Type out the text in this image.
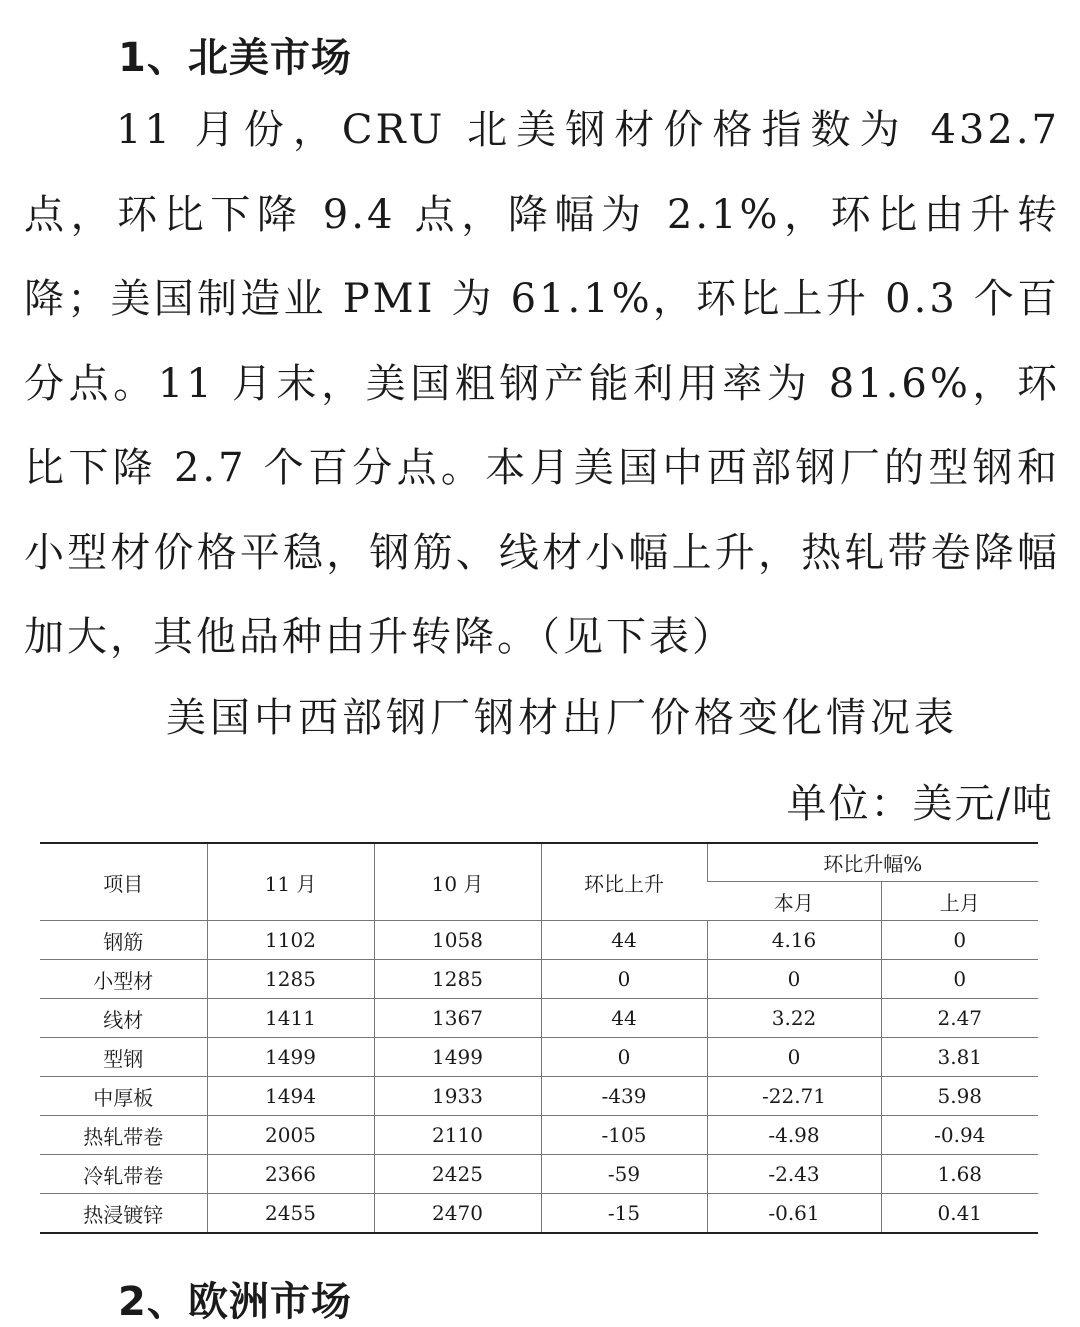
1、北美市场

11 月份，CRU 北美钢材价格指数为 432.7 点，环比下降 9.4 点，降幅为 2.1%，环比由升转降；美国制造业 PMI 为 61.1%，环比上升 0.3 个百分点。11 月末，美国粗钢产能利用率为 81.6%，环比下降 2.7 个百分点。本月美国中西部钢厂的型钢和小型材价格平稳，钢筋、线材小幅上升，热轧带卷降幅加大，其他品种由升转降。（见下表）

美国中西部钢厂钢材出厂价格变化情况表
单位：美元/吨
项目	11 月	10 月	环比上升	环比升幅%	
				本月	上月
钢筋	1102	1058	44	4.16	0
小型材	1285	1285	0	0	0
线材	1411	1367	44	3.22	2.47
型钢	1499	1499	0	0	3.81
中厚板	1494	1933	-439	-22.71	5.98
热轧带卷	2005	2110	-105	-4.98	-0.94
冷轧带卷	2366	2425	-59	-2.43	1.68
热浸镀锌	2455	2470	-15	-0.61	0.41
2、欧洲市场
